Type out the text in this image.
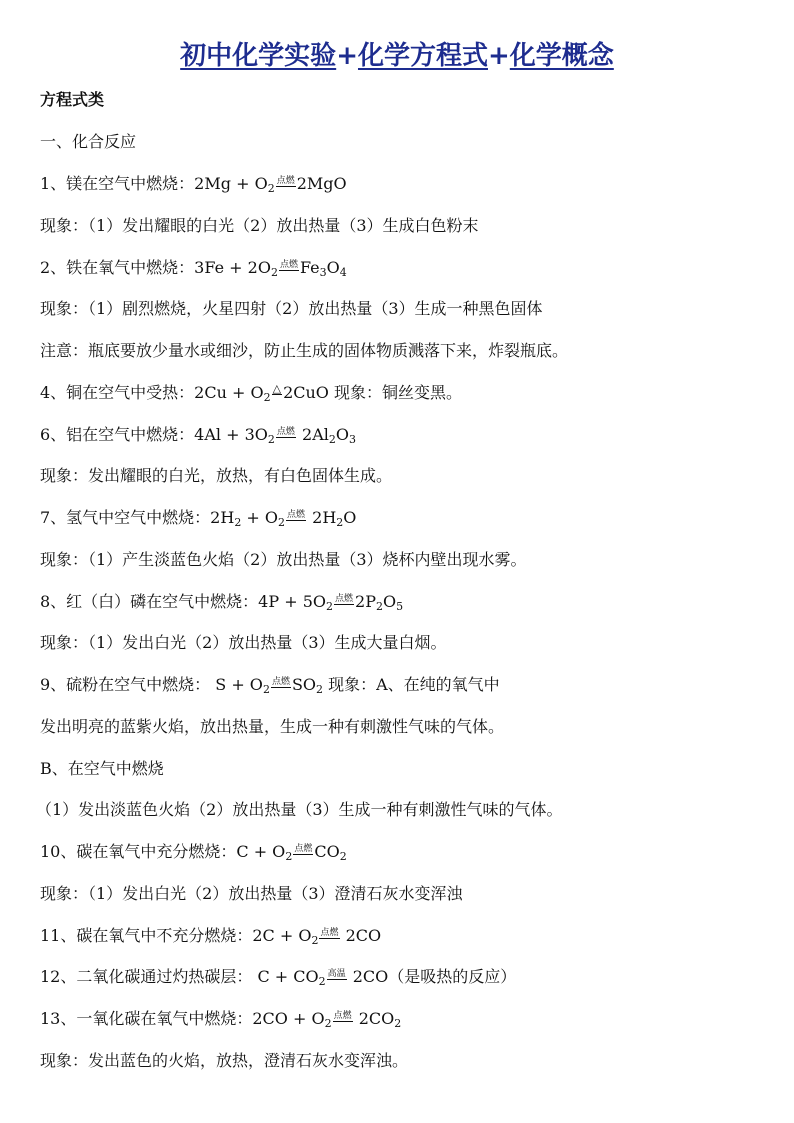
初中化学实验+化学方程式+化学概念
方程式类
一、化合反应
1、镁在空气中燃烧：$2Mg + O_2$点燃 2MgO
现象：（1）发出耀眼的白光（2）放出热量（3）生成白色粉末
2、铁在氧气中燃烧：$3Fe + 2O_2$点燃 $Fe_3O_4$
现象：（1）剧烈燃烧，火星四射（2）放出热量（3）生成一种黑色固体
注意：瓶底要放少量水或细沙，防止生成的固体物质溅落下来，炸裂瓶底。
4、铜在空气中受热：$2Cu + O_2\triangle$ 2CuO 现象：铜丝变黑。
6、铝在空气中燃烧：$4Al + 3O_2$点燃 $2Al_2O_3$
现象：发出耀眼的白光，放热，有白色固体生成。
7、氢气中空气中燃烧：$2H_2 + O_2$点燃 $2H_2O$
现象：（1）产生淡蓝色火焰（2）放出热量（3）烧杯内壁出现水雾。
8、红（白）磷在空气中燃烧：$4P + 5O_2$点燃 $2P_2O_5$
现象：（1）发出白光（2）放出热量（3）生成大量白烟。
9、硫粉在空气中燃烧： $S + O_2$点燃 $SO_2$ 现象：A、在纯的氧气中
发出明亮的蓝紫火焰，放出热量，生成一种有刺激性气味的气体。
B、在空气中燃烧
（1）发出淡蓝色火焰（2）放出热量（3）生成一种有刺激性气味的气体。
10、碳在氧气中充分燃烧：$C + O_2$点燃 $CO_2$
现象：（1）发出白光（2）放出热量（3）澄清石灰水变浑浊
11、碳在氧气中不充分燃烧：$2C + O_2$点燃 2CO
12、二氧化碳通过灼热碳层： $C + CO_2$高温 2CO（是吸热的反应）
13、一氧化碳在氧气中燃烧：$2CO + O_2$点燃 $2CO_2$
现象：发出蓝色的火焰，放热，澄清石灰水变浑浊。
